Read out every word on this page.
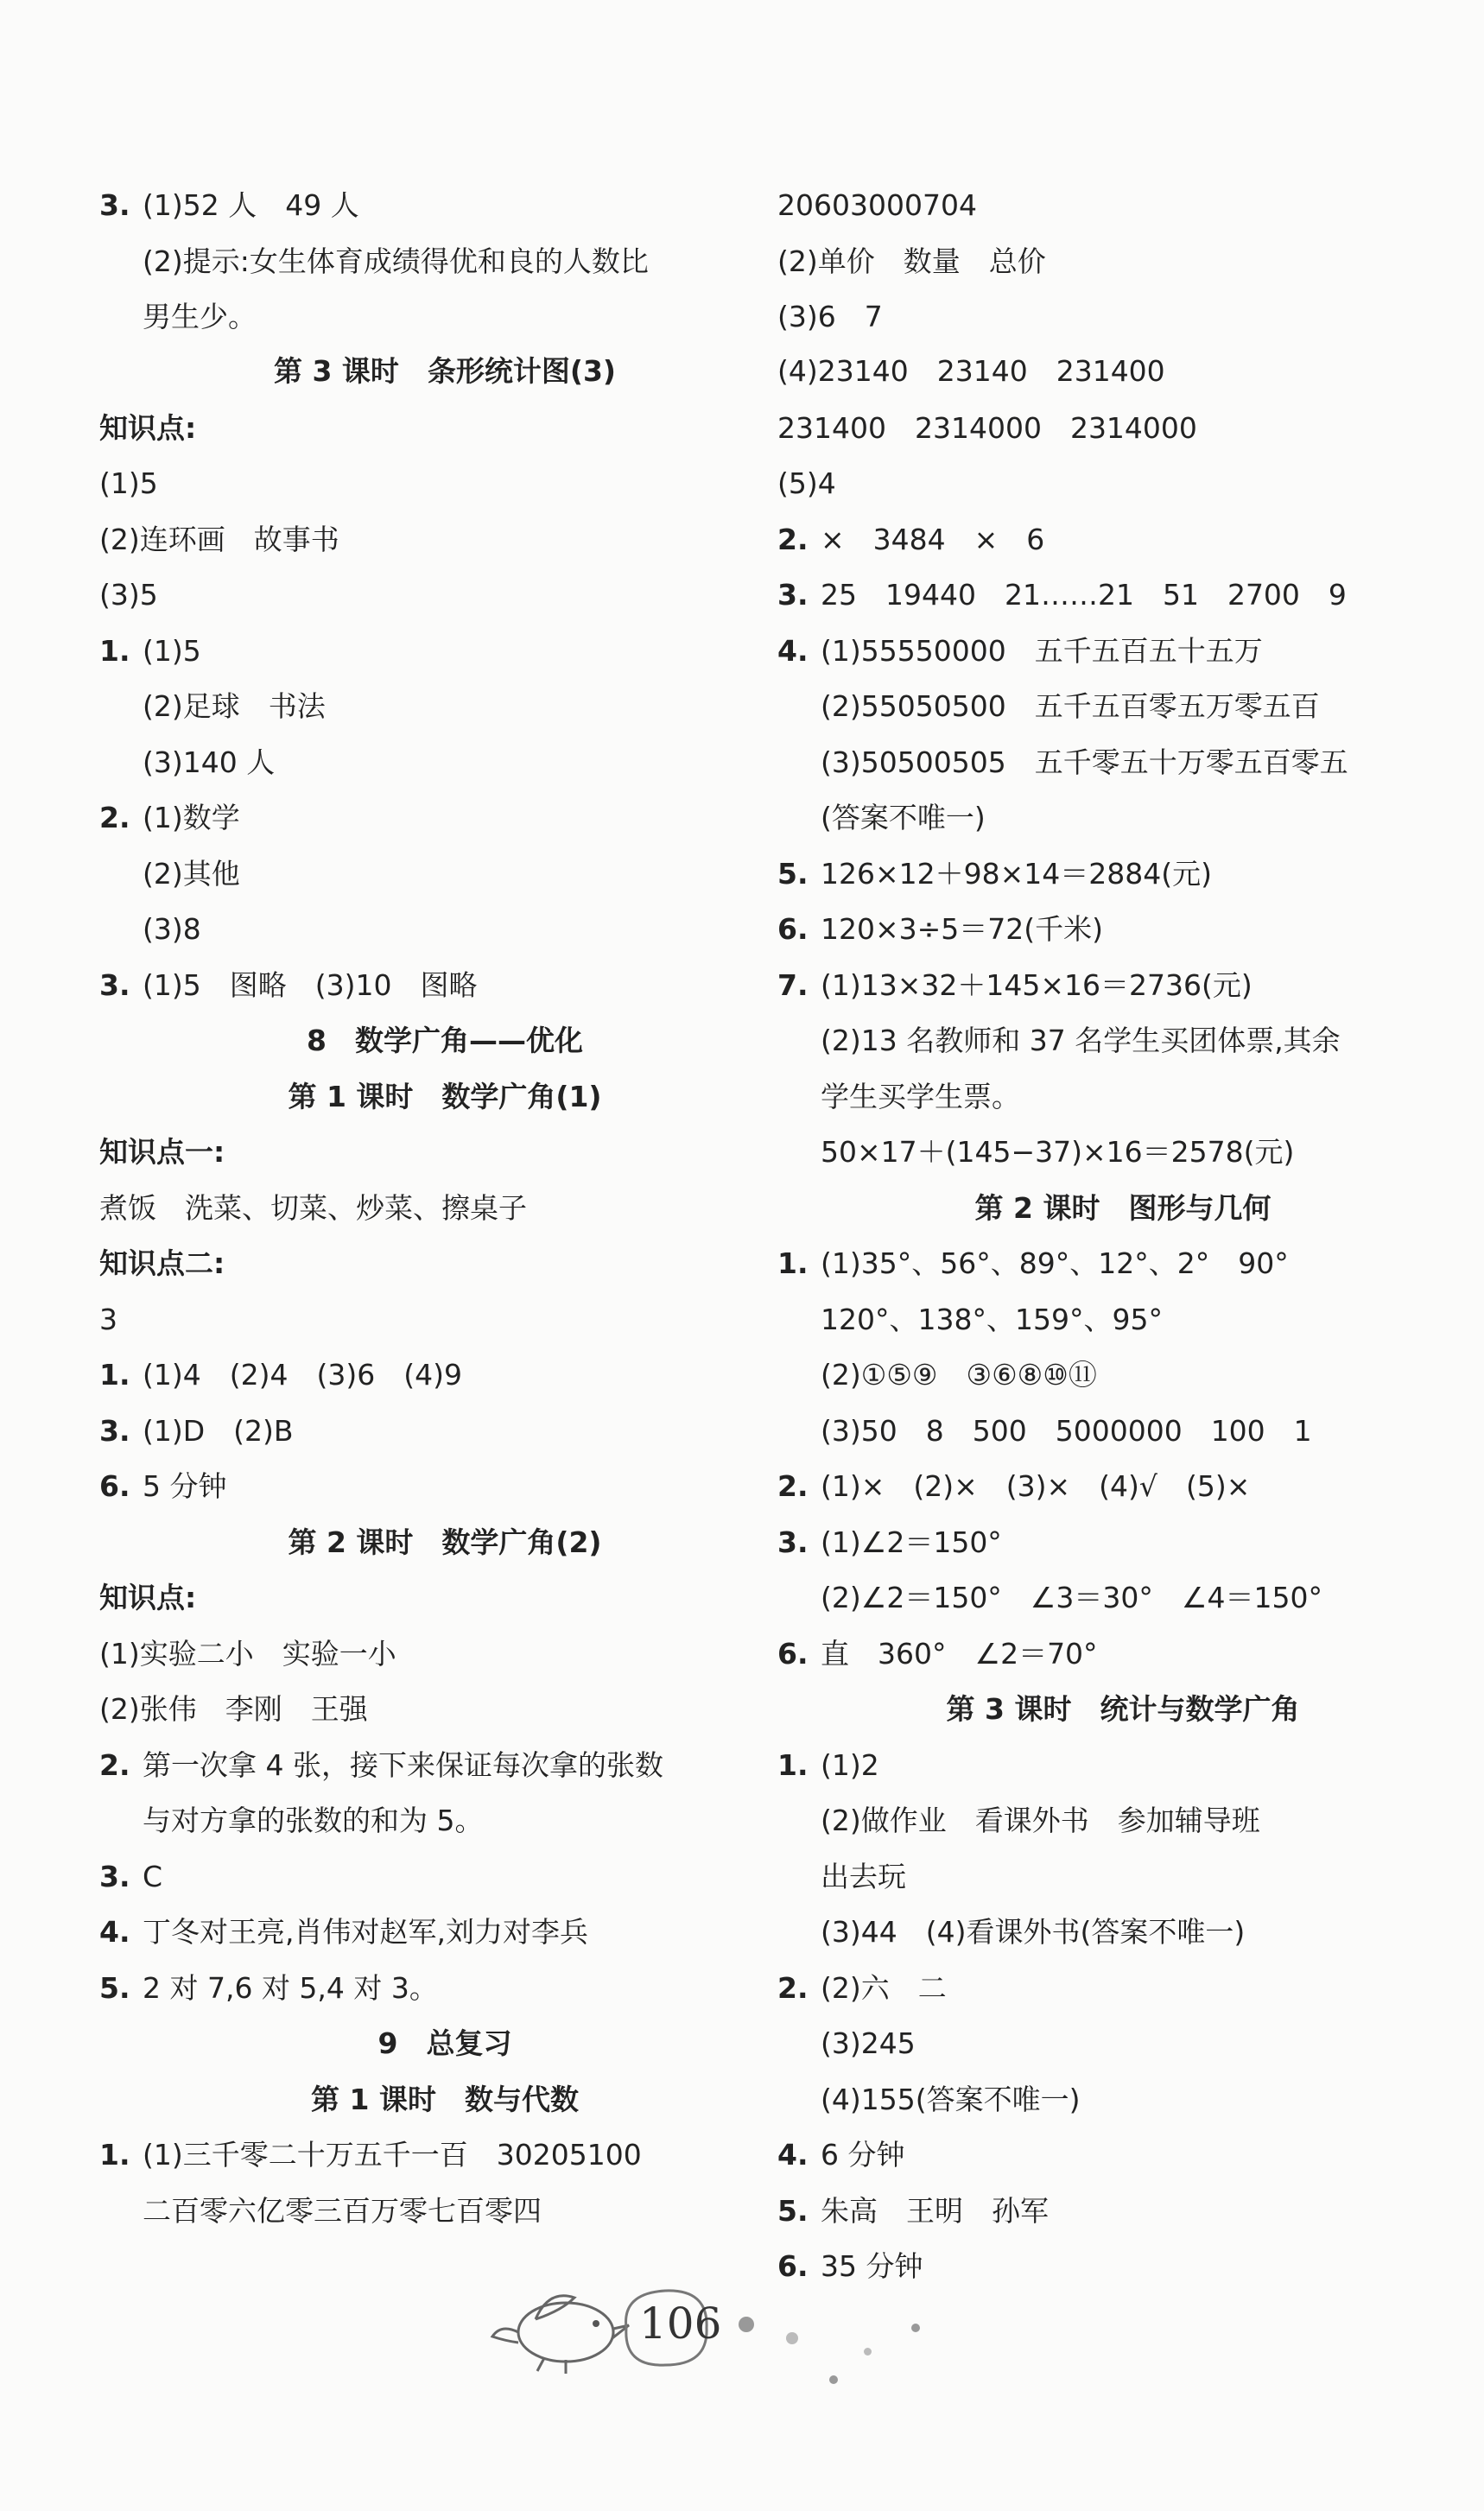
3. (1)52 人　49 人
(2)提示:女生体育成绩得优和良的人数比
男生少。
第 3 课时　条形统计图(3)
知识点:
(1)5
(2)连环画　故事书
(3)5
1. (1)5
(2)足球　书法
(3)140 人
2. (1)数学
(2)其他
(3)8
3. (1)5　图略　(3)10　图略
8　数学广角——优化
第 1 课时　数学广角(1)
知识点一:
煮饭　洗菜、切菜、炒菜、擦桌子
知识点二:
3
1. (1)4　(2)4　(3)6　(4)9
3. (1)D　(2)B
6. 5 分钟
第 2 课时　数学广角(2)
知识点:
(1)实验二小　实验一小
(2)张伟　李刚　王强
2. 第一次拿 4 张，接下来保证每次拿的张数
与对方拿的张数的和为 5。
3. C
4. 丁冬对王亮,肖伟对赵军,刘力对李兵
5. 2 对 7,6 对 5,4 对 3。
9　总复习
第 1 课时　数与代数
1. (1)三千零二十万五千一百　30205100
二百零六亿零三百万零七百零四
20603000704
(2)单价　数量　总价
(3)6　7
(4)23140　23140　231400
231400　2314000　2314000
(5)4
2. ×　3484　×　6
3. 25　19440　21……21　51　2700　9
4. (1)55550000　五千五百五十五万
(2)55050500　五千五百零五万零五百
(3)50500505　五千零五十万零五百零五
(答案不唯一)
5. 126×12＋98×14＝2884(元)
6. 120×3÷5＝72(千米)
7. (1)13×32＋145×16＝2736(元)
(2)13 名教师和 37 名学生买团体票,其余
学生买学生票。
50×17＋(145−37)×16＝2578(元)
第 2 课时　图形与几何
1. (1)35°、56°、89°、12°、2°　90°
120°、138°、159°、95°
(2)①⑤⑨　③⑥⑧⑩⑪
(3)50　8　500　5000000　100　1
2. (1)×　(2)×　(3)×　(4)√　(5)×
3. (1)∠2＝150°
(2)∠2＝150°　∠3＝30°　∠4＝150°
6. 直　360°　∠2＝70°
第 3 课时　统计与数学广角
1. (1)2
(2)做作业　看课外书　参加辅导班
出去玩
(3)44　(4)看课外书(答案不唯一)
2. (2)六　二
(3)245
(4)155(答案不唯一)
4. 6 分钟
5. 朱高　王明　孙军
6. 35 分钟
106
